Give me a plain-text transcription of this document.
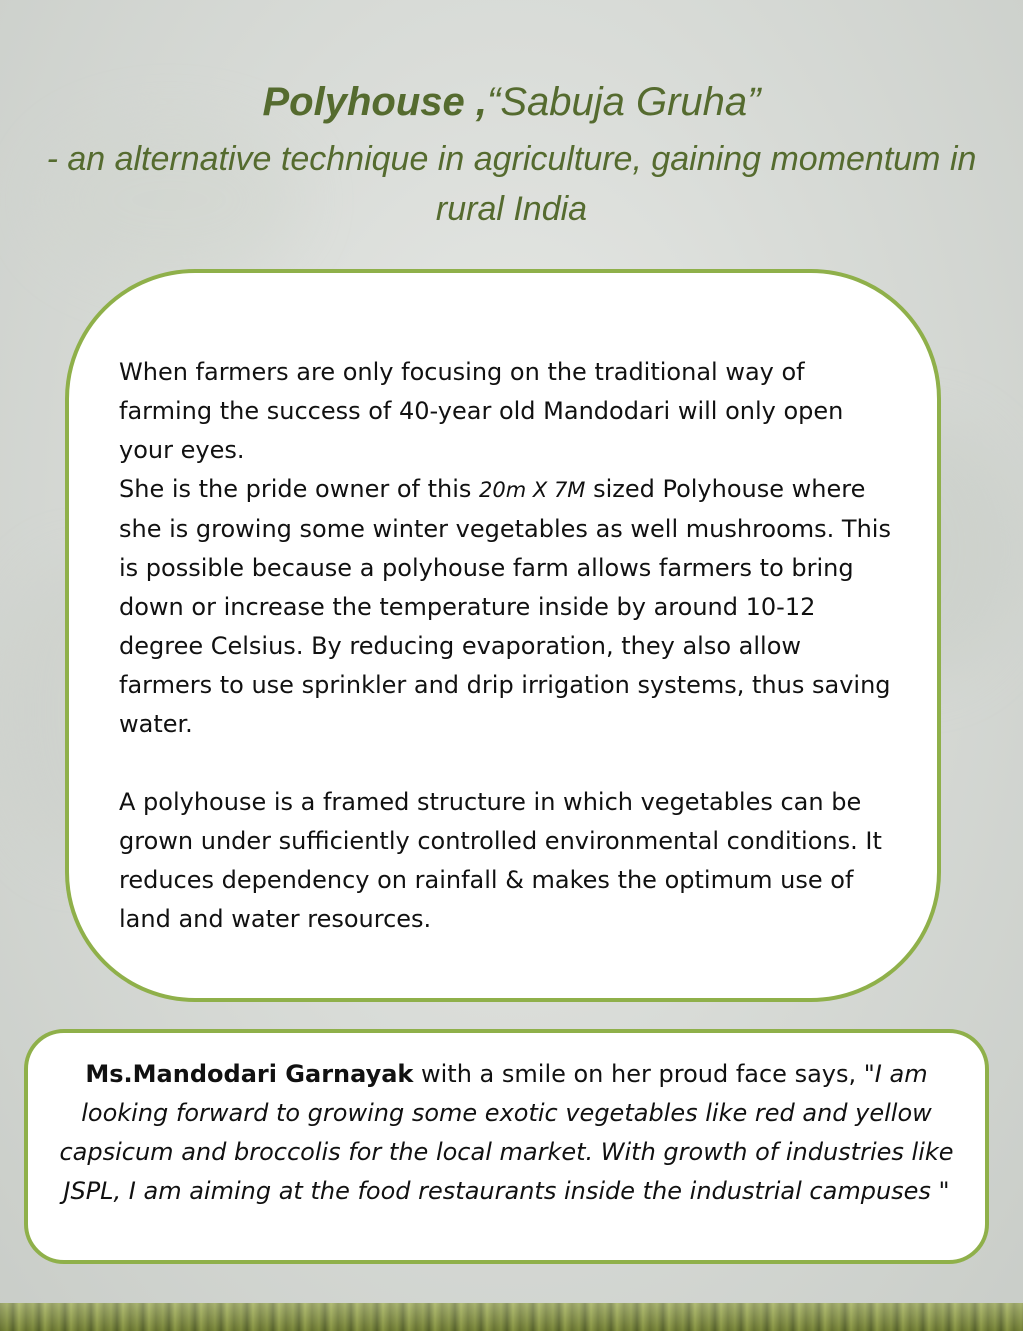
Polyhouse ,“Sabuja Gruha”
- an alternative technique in agriculture, gaining momentum in rural India

When farmers are only focusing on the traditional way of farming the success of 40-year old Mandodari will only open your eyes.

She is the pride owner of this 20m X 7M sized Polyhouse where she is growing some winter vegetables as well mushrooms. This is possible because a polyhouse farm allows farmers to bring down or increase the temperature inside by around 10-12 degree Celsius. By reducing evaporation, they also allow farmers to use sprinkler and drip irrigation systems, thus saving water.

A polyhouse is a framed structure in which vegetables can be grown under sufficiently controlled environmental conditions. It reduces dependency on rainfall & makes the optimum use of land and water resources.

Ms.Mandodari Garnayak with a smile on her proud face says, "I am looking forward to growing some exotic vegetables like red and yellow capsicum and broccolis for the local market. With growth of industries like JSPL, I am aiming at the food restaurants inside the industrial campuses "
